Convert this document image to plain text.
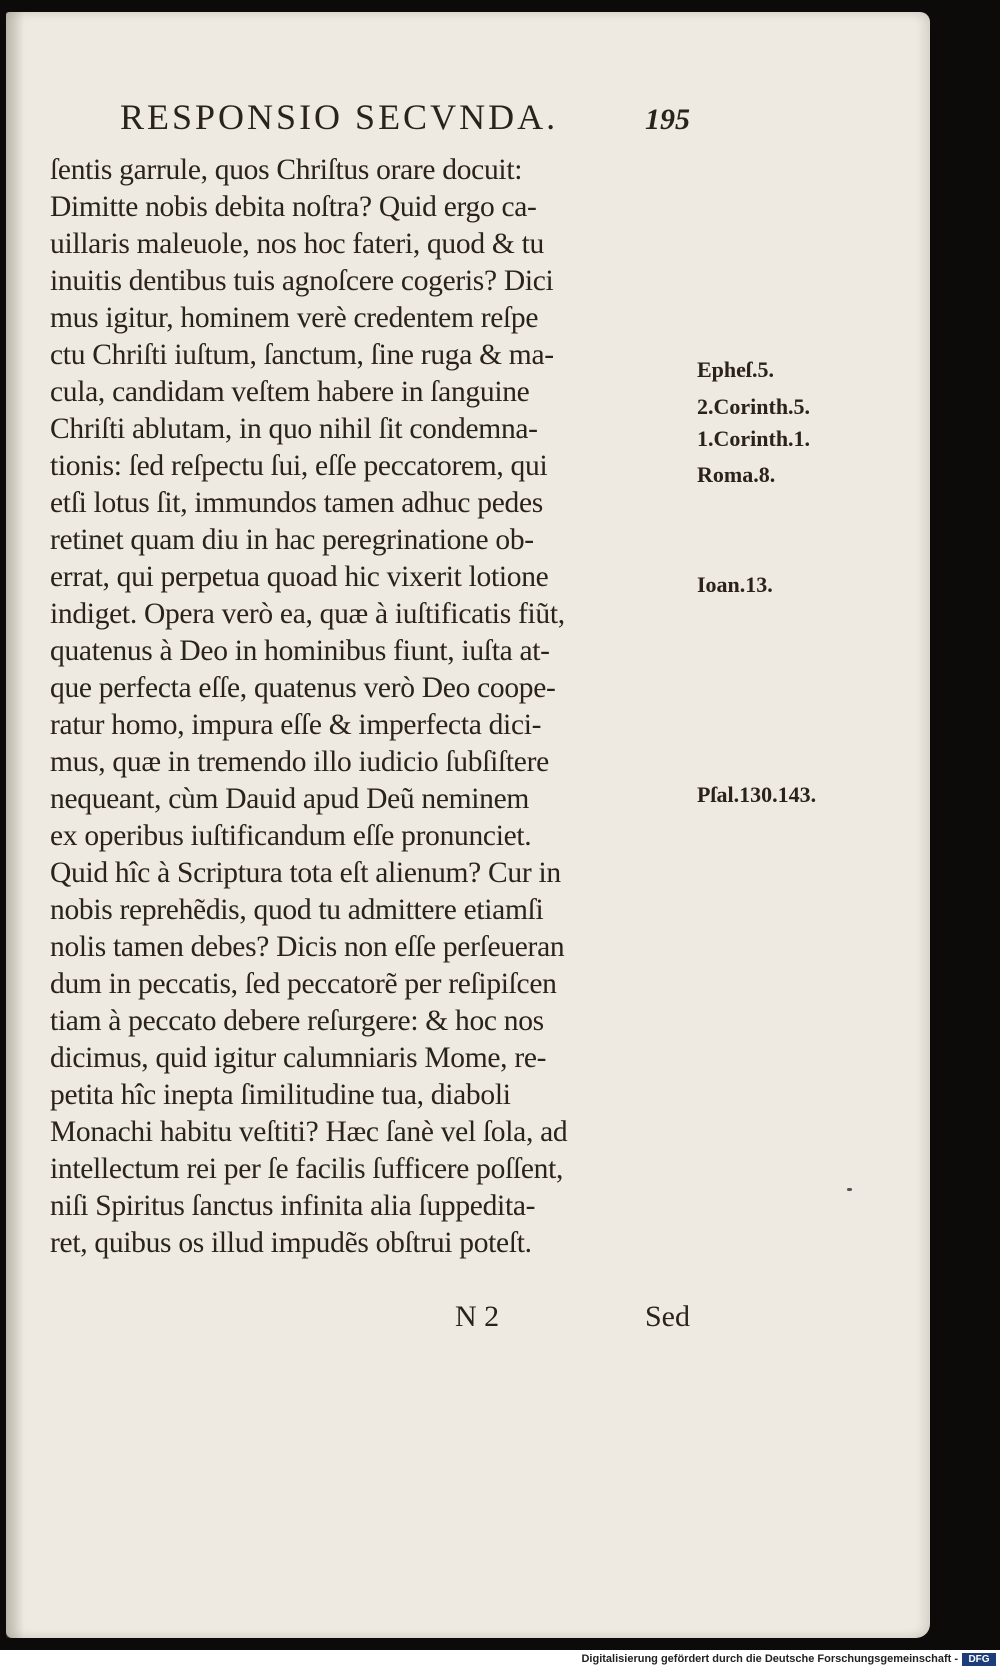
RESPONSIO SECVNDA.	195
ſentis garrule, quos Chriſtus orare docuit:
Dimitte nobis debita noſtra? Quid ergo ca-
uillaris maleuole, nos hoc fateri, quod & tu
inuitis dentibus tuis agnoſcere cogeris? Dici
mus igitur, hominem verè credentem reſpe
ctu Chriſti iuſtum, ſanctum, ſine ruga & ma-
cula, candidam veſtem habere in ſanguine
Chriſti ablutam, in quo nihil ſit condemna-
tionis: ſed reſpectu ſui, eſſe peccatorem, qui
etſi lotus ſit, immundos tamen adhuc pedes
retinet quam diu in hac peregrinatione ob-
errat, qui perpetua quoad hic vixerit lotione
indiget. Opera verò ea, quæ à iuſtificatis fiũt,
quatenus à Deo in hominibus fiunt, iuſta at-
que perfecta eſſe, quatenus verò Deo coope-
ratur homo, impura eſſe & imperfecta dici-
mus, quæ in tremendo illo iudicio ſubſiſtere
nequeant, cùm Dauid apud Deũ neminem
ex operibus iuſtificandum eſſe pronunciet.
Quid hîc à Scriptura tota eſt alienum? Cur in
nobis reprehẽdis, quod tu admittere etiamſi
nolis tamen debes? Dicis non eſſe perſeueran
dum in peccatis, ſed peccatorẽ per reſipiſcen
tiam à peccato debere reſurgere: & hoc nos
dicimus, quid igitur calumniaris Mome, re-
petita hîc inepta ſimilitudine tua, diaboli
Monachi habitu veſtiti? Hæc ſanè vel ſola, ad
intellectum rei per ſe facilis ſufficere poſſent,
niſi Spiritus ſanctus infinita alia ſuppedita-
ret, quibus os illud impudẽs obſtrui poteſt.
Epheſ.5.
2.Corinth.5.
1.Corinth.1.
Roma.8.
Ioan.13.
Pſal.130.143.
N 2	Sed
Digitalisierung gefördert durch die Deutsche Forschungsgemeinschaft -	DFG
